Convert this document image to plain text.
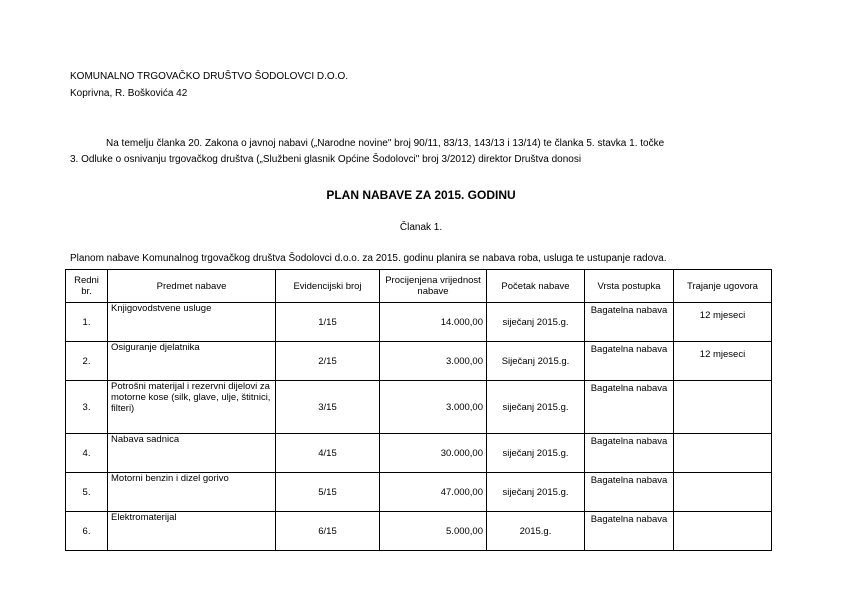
KOMUNALNO TRGOVAČKO DRUŠTVO ŠODOLOVCI D.O.O.
Koprivna, R. Boškovića 42
Na temelju članka 20. Zakona o javnoj nabavi („Narodne novine" broj 90/11, 83/13, 143/13 i 13/14) te članka 5. stavka 1. točke
3. Odluke o osnivanju trgovačkog društva („Službeni glasnik Općine Šodolovci" broj 3/2012) direktor Društva donosi
PLAN NABAVE ZA 2015. GODINU
Članak 1.
Planom nabave Komunalnog trgovačkog društva Šodolovci d.o.o. za 2015. godinu planira se nabava roba, usluga te ustupanje radova.
Redni br.	Predmet nabave	Evidencijski broj	Procijenjena vrijednost nabave	Početak nabave	Vrsta postupka	Trajanje ugovora
1.	Knjigovodstvene usluge	1/15	14.000,00	siječanj 2015.g.	Bagatelna nabava	12 mjeseci
2.	Osiguranje djelatnika	2/15	3.000,00	Siječanj 2015.g.	Bagatelna nabava	12 mjeseci
3.	Potrošni materijal i rezervni dijelovi za motorne kose (silk, glave, ulje, štitnici, filteri)	3/15	3.000,00	siječanj 2015.g.	Bagatelna nabava	
4.	Nabava sadnica	4/15	30.000,00	siječanj 2015.g.	Bagatelna nabava	
5.	Motorni benzin i dizel gorivo	5/15	47.000,00	siječanj 2015.g.	Bagatelna nabava	
6.	Elektromaterijal	6/15	5.000,00	2015.g.	Bagatelna nabava	
